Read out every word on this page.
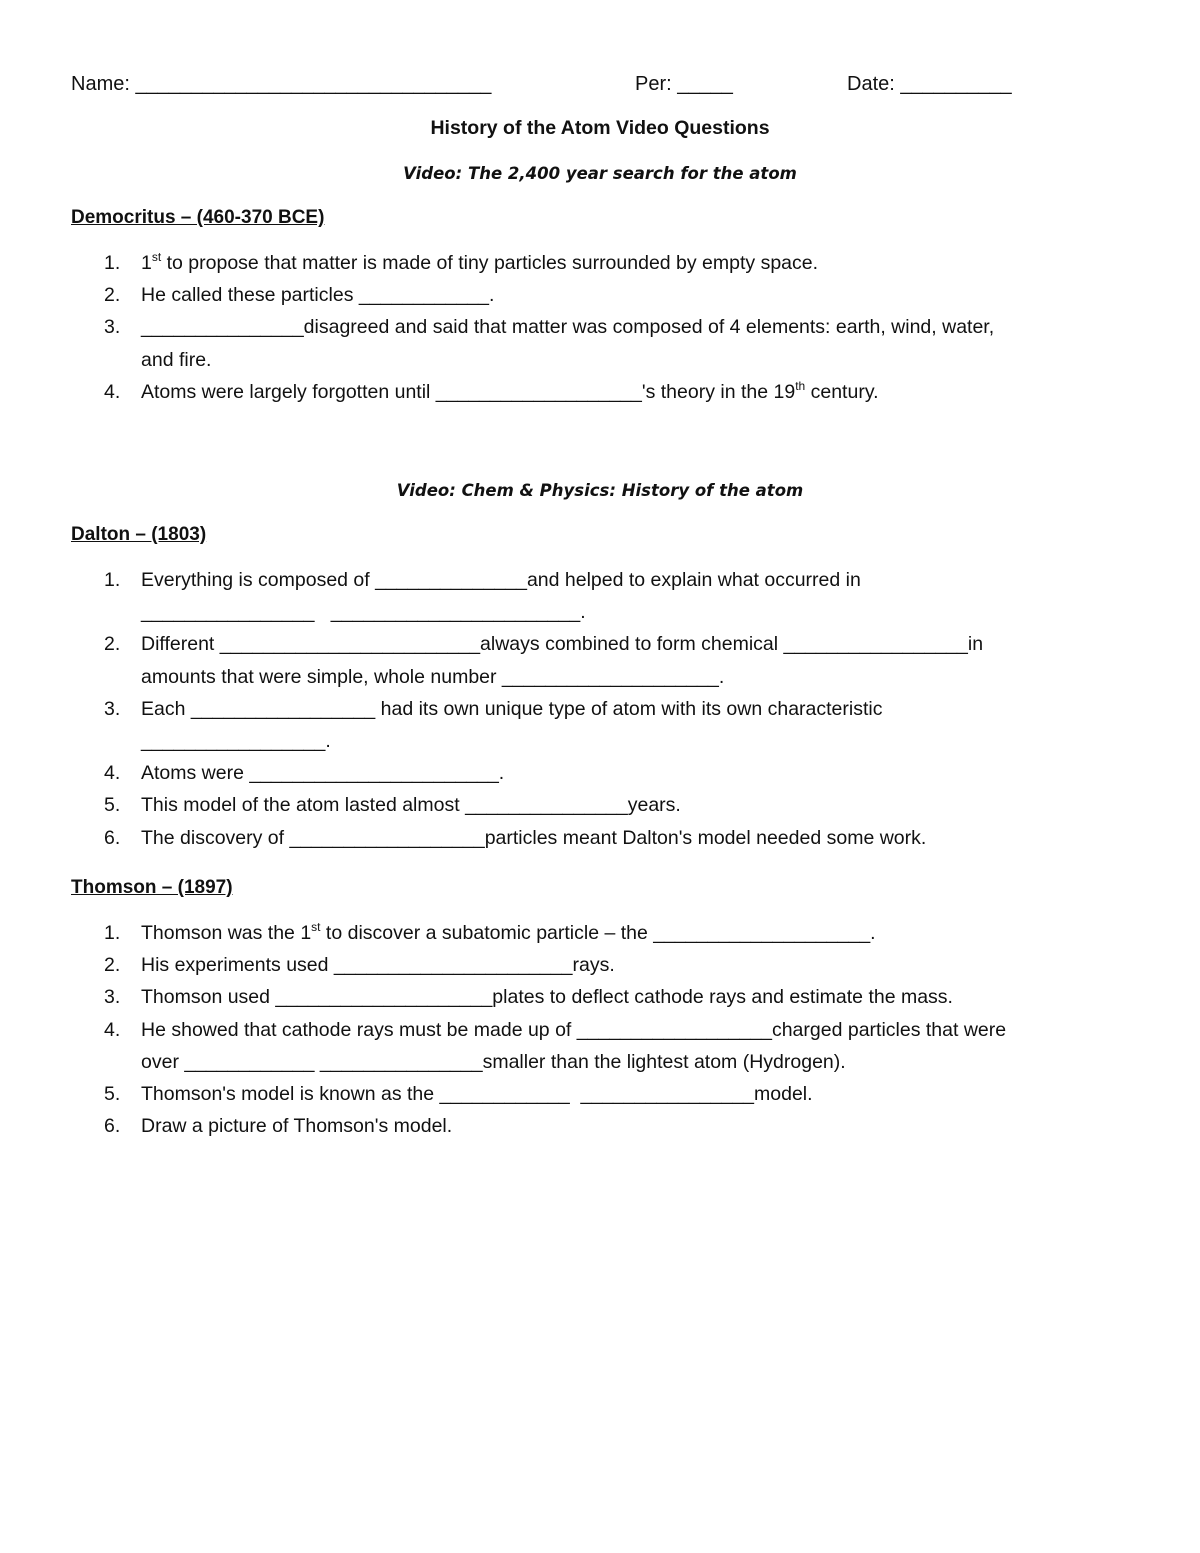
Name: ________________________________	Per: _____	Date: __________
History of the Atom Video Questions
Video: The 2,400 year search for the atom
Democritus – (460-370 BCE)
1. 1st to propose that matter is made of tiny particles surrounded by empty space.
2. He called these particles ____________.
3. _______________disagreed and said that matter was composed of 4 elements: earth, wind, water,
and fire.
4. Atoms were largely forgotten until ___________________'s theory in the 19th century.
Video: Chem & Physics: History of the atom
Dalton – (1803)
1. Everything is composed of ______________and helped to explain what occurred in
________________   _______________________.
2. Different ________________________always combined to form chemical _________________in
amounts that were simple, whole number ____________________.
3. Each _________________ had its own unique type of atom with its own characteristic
_________________.
4. Atoms were _______________________.
5. This model of the atom lasted almost _______________years.
6. The discovery of __________________particles meant Dalton's model needed some work.
Thomson – (1897)
1. Thomson was the 1st to discover a subatomic particle – the ____________________.
2. His experiments used ______________________rays.
3. Thomson used ____________________plates to deflect cathode rays and estimate the mass.
4. He showed that cathode rays must be made up of __________________charged particles that were
over ____________ _______________smaller than the lightest atom (Hydrogen).
5. Thomson's model is known as the ____________  ________________model.
6. Draw a picture of Thomson's model.
